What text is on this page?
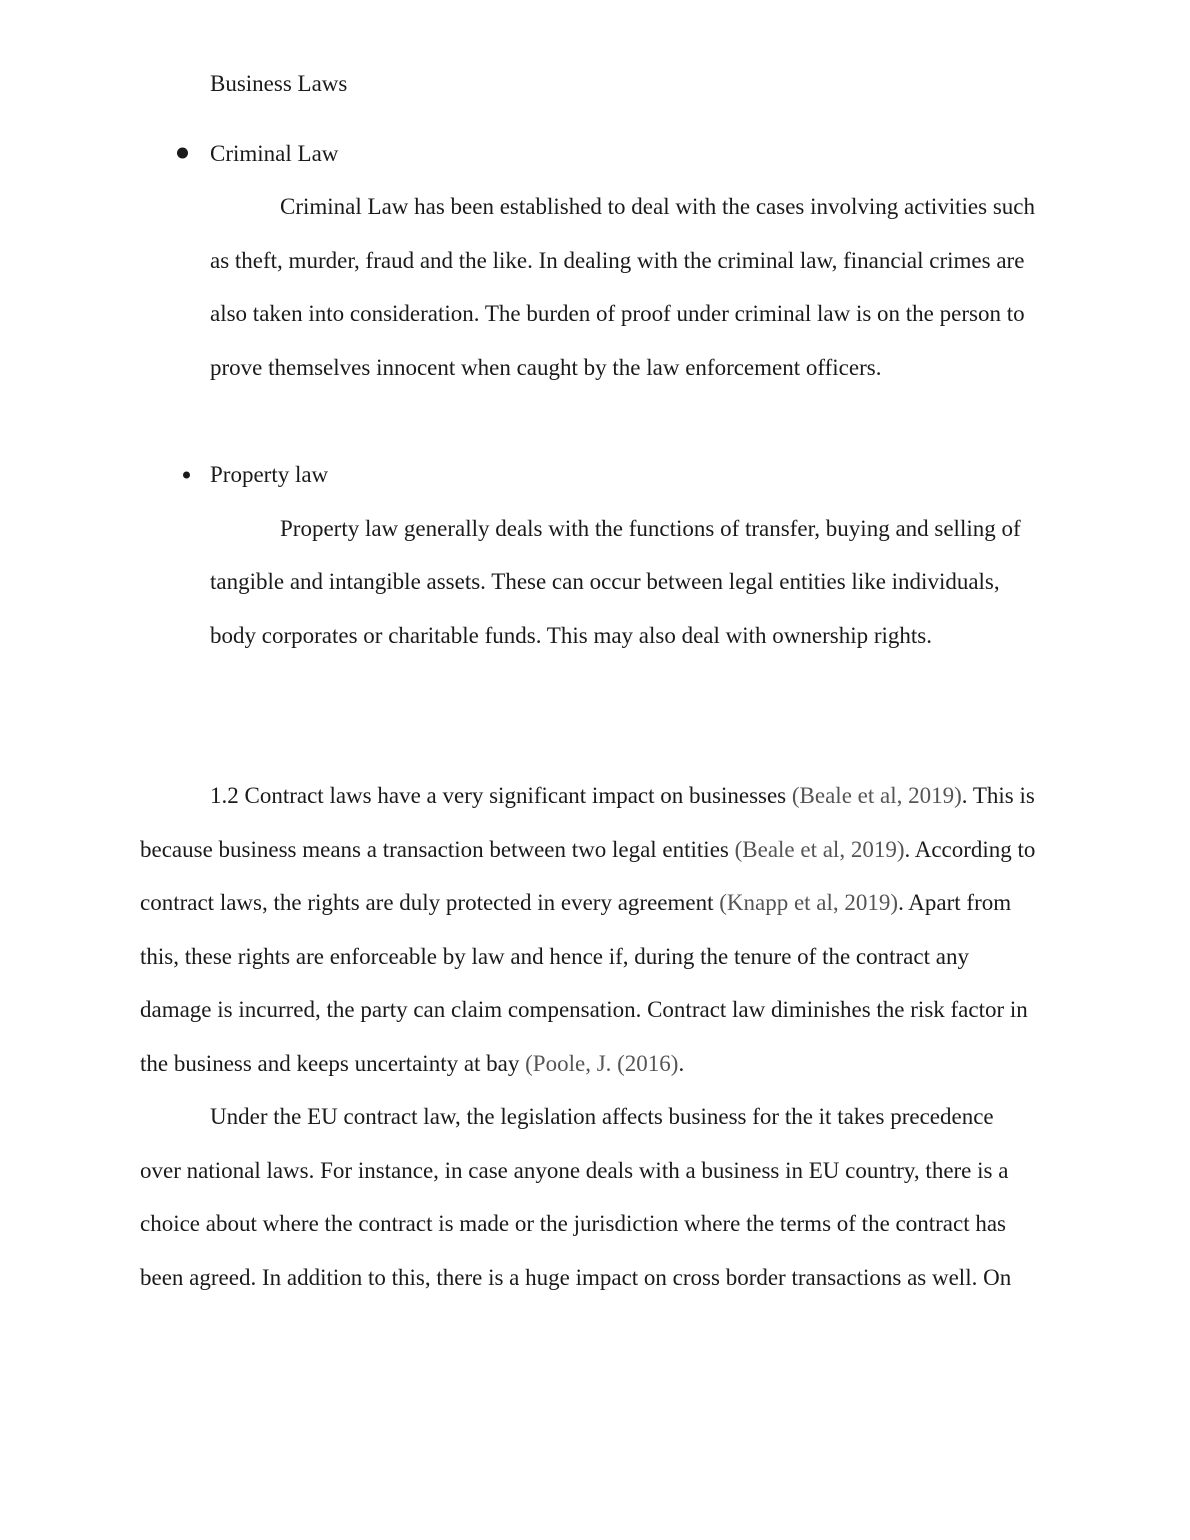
Business Laws
Criminal Law
Criminal Law has been established to deal with the cases involving activities such
as theft, murder, fraud and the like. In dealing with the criminal law, financial crimes are
also taken into consideration. The burden of proof under criminal law is on the person to
prove themselves innocent when caught by the law enforcement officers.
Property law
Property law generally deals with the functions of transfer, buying and selling of
tangible and intangible assets. These can occur between legal entities like individuals,
body corporates or charitable funds. This may also deal with ownership rights.
1.2 Contract laws have a very significant impact on businesses (Beale et al, 2019). This is
because business means a transaction between two legal entities (Beale et al, 2019). According to
contract laws, the rights are duly protected in every agreement (Knapp et al, 2019). Apart from
this, these rights are enforceable by law and hence if, during the tenure of the contract any
damage is incurred, the party can claim compensation. Contract law diminishes the risk factor in
the business and keeps uncertainty at bay (Poole, J. (2016).
Under the EU contract law, the legislation affects business for the it takes precedence
over national laws. For instance, in case anyone deals with a business in EU country, there is a
choice about where the contract is made or the jurisdiction where the terms of the contract has
been agreed. In addition to this, there is a huge impact on cross border transactions as well. On
